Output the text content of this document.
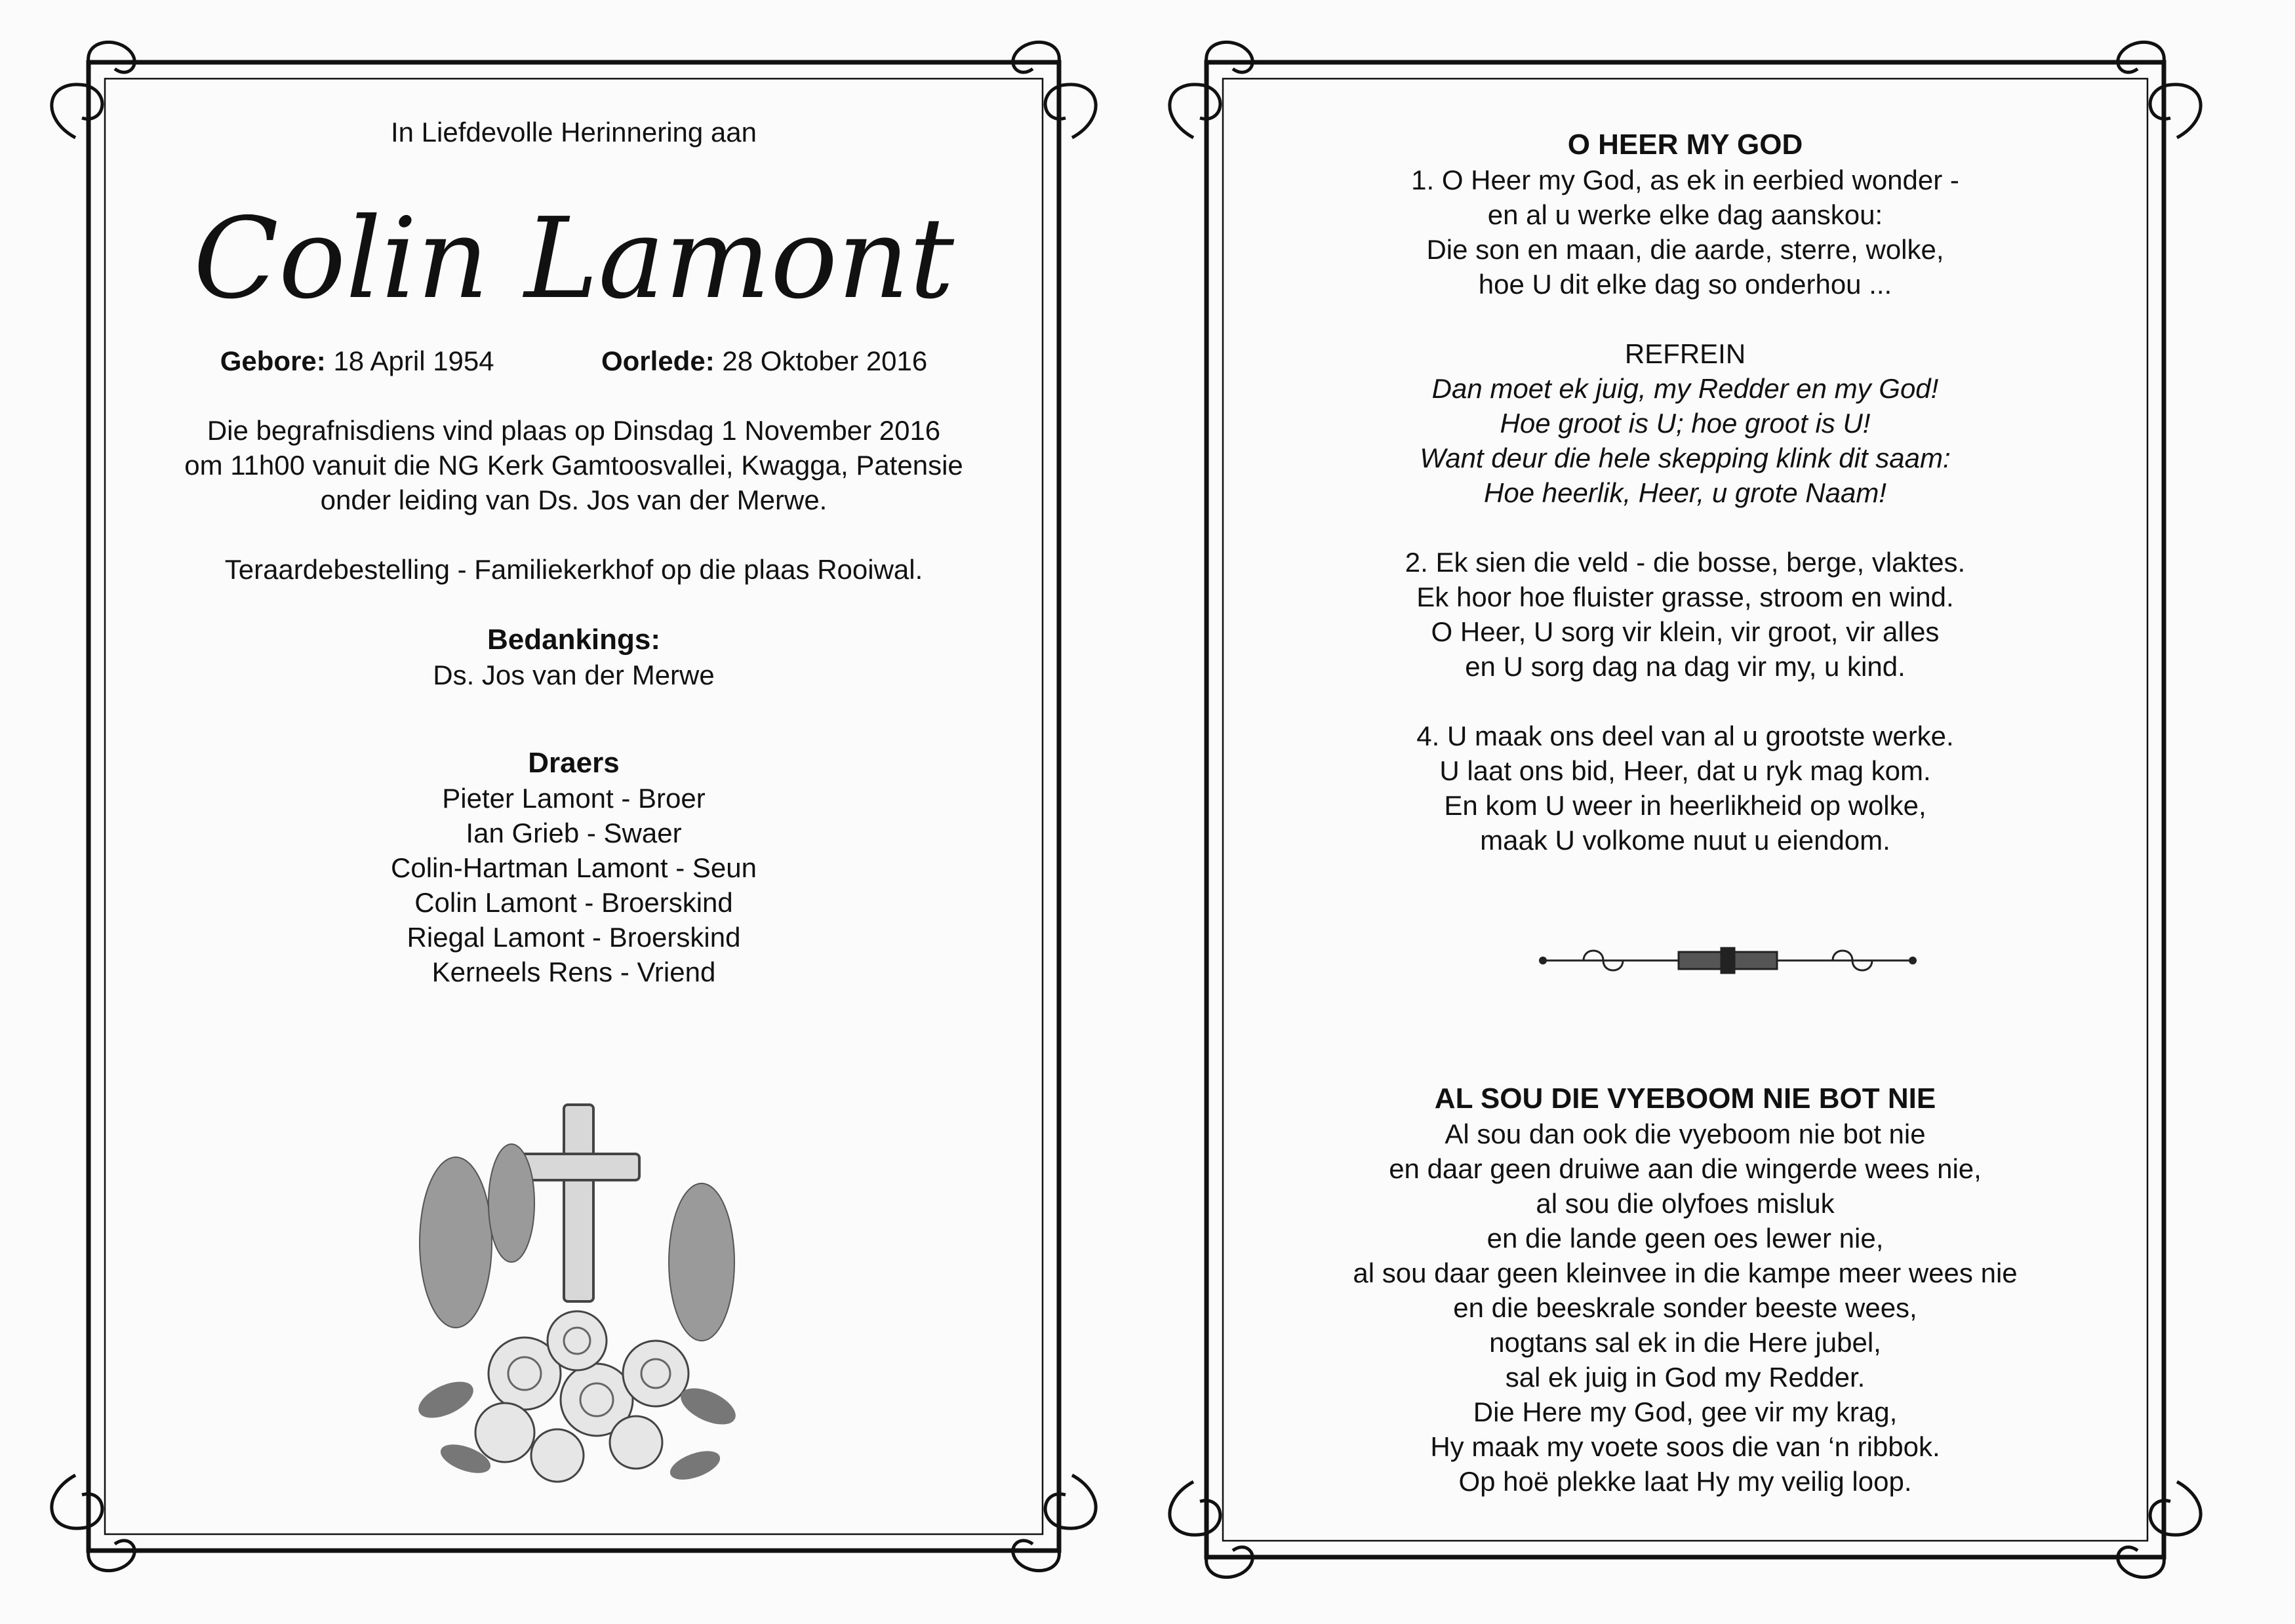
In Liefdevolle Herinnering aan

Colin Lamont
Gebore: 18 April 1954	Oorlede: 28 Oktober 2016

Die begrafnisdiens vind plaas op Dinsdag 1 November 2016

om 11h00 vanuit die NG Kerk Gamtoosvallei, Kwagga, Patensie

onder leiding van Ds. Jos van der Merwe.

Teraardebestelling - Familiekerkhof op die plaas Rooiwal.

Bedankings:

Ds. Jos van der Merwe

Draers

Pieter Lamont - Broer

Ian Grieb - Swaer

Colin-Hartman Lamont - Seun

Colin Lamont - Broerskind

Riegal Lamont - Broerskind

Kerneels Rens - Vriend

O HEER MY GOD

1. O Heer my God, as ek in eerbied wonder -

en al u werke elke dag aanskou:

Die son en maan, die aarde, sterre, wolke,

hoe U dit elke dag so onderhou ...

REFREIN

Dan moet ek juig, my Redder en my God!

Hoe groot is U; hoe groot is U!

Want deur die hele skepping klink dit saam:

Hoe heerlik, Heer, u grote Naam!

2. Ek sien die veld - die bosse, berge, vlaktes.

Ek hoor hoe fluister grasse, stroom en wind.

O Heer, U sorg vir klein, vir groot, vir alles

en U sorg dag na dag vir my, u kind.

4. U maak ons deel van al u grootste werke.

U laat ons bid, Heer, dat u ryk mag kom.

En kom U weer in heerlikheid op wolke,

maak U volkome nuut u eiendom.

AL SOU DIE VYEBOOM NIE BOT NIE

Al sou dan ook die vyeboom nie bot nie

en daar geen druiwe aan die wingerde wees nie,

al sou die olyfoes misluk

en die lande geen oes lewer nie,

al sou daar geen kleinvee in die kampe meer wees nie

en die beeskrale sonder beeste wees,

nogtans sal ek in die Here jubel,

sal ek juig in God my Redder.

Die Here my God, gee vir my krag,

Hy maak my voete soos die van ‘n ribbok.

Op hoë plekke laat Hy my veilig loop.
